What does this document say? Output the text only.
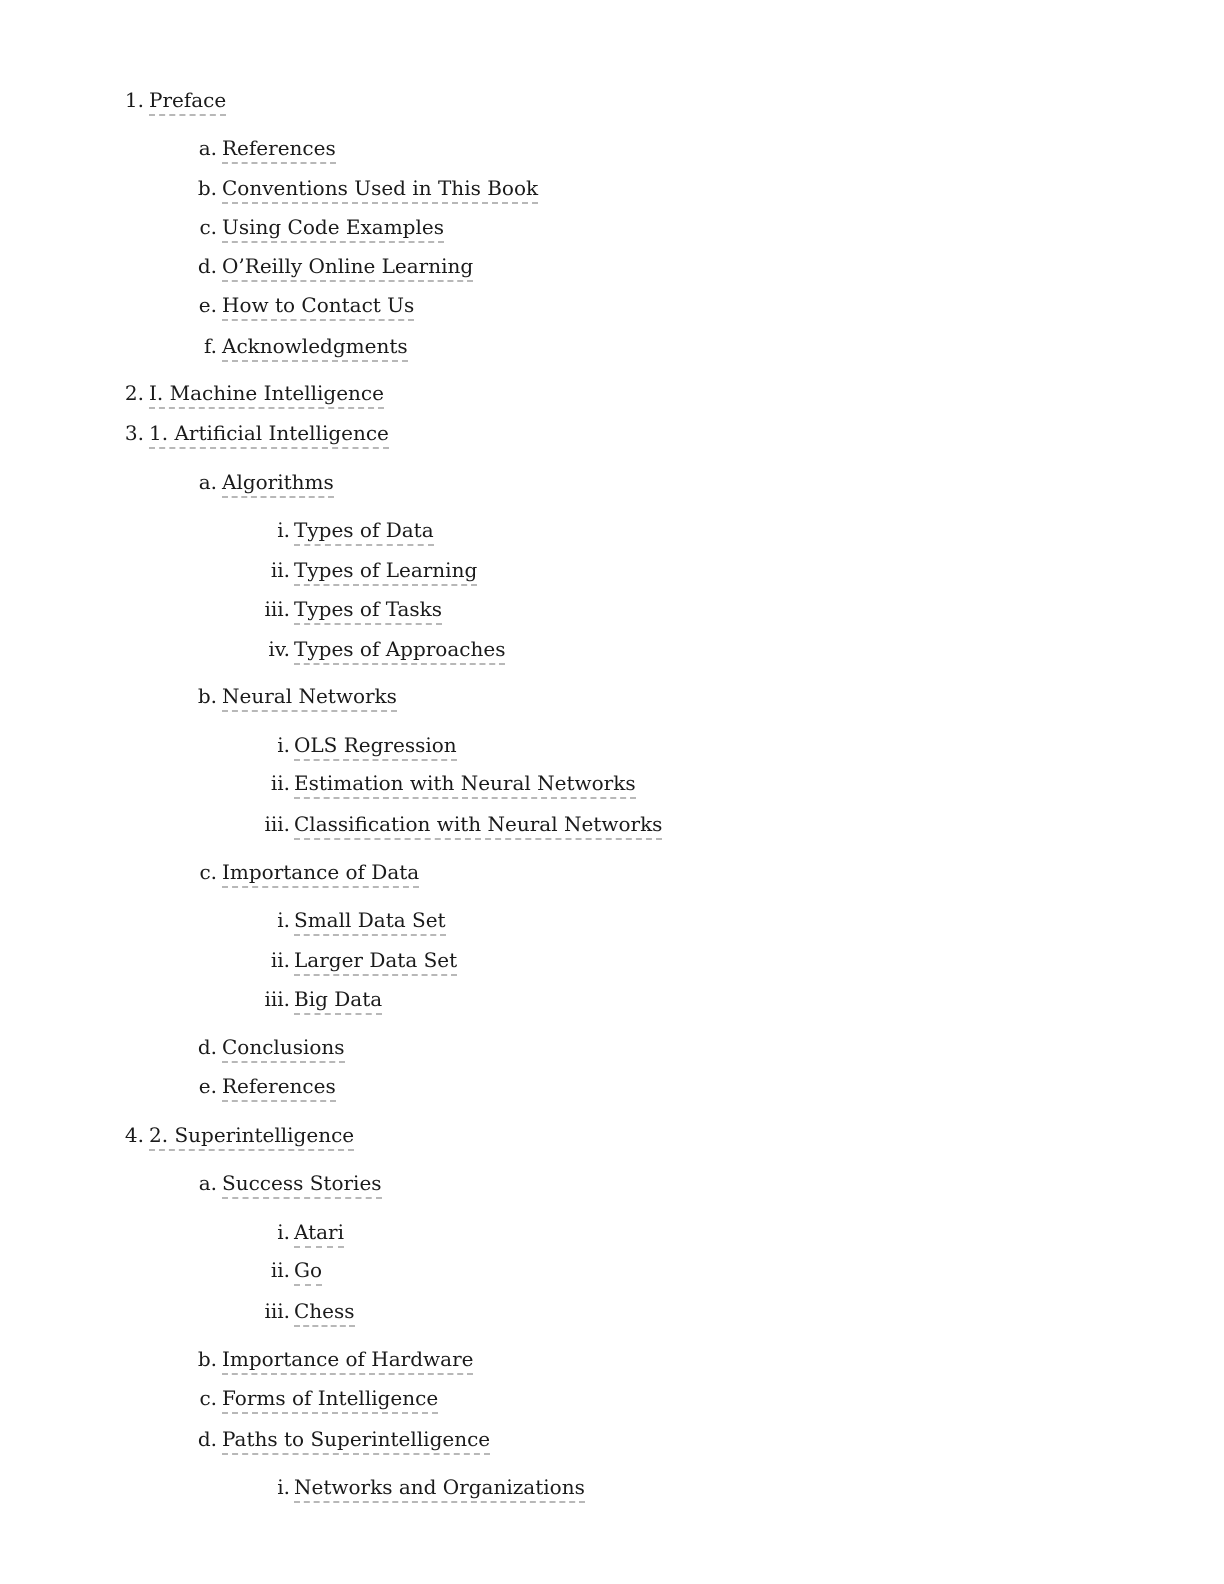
1. Preface
a. References
b. Conventions Used in This Book
c. Using Code Examples
d. O’Reilly Online Learning
e. How to Contact Us
f. Acknowledgments
2. I. Machine Intelligence
3. 1. Artificial Intelligence
a. Algorithms
i. Types of Data
ii. Types of Learning
iii. Types of Tasks
iv. Types of Approaches
b. Neural Networks
i. OLS Regression
ii. Estimation with Neural Networks
iii. Classification with Neural Networks
c. Importance of Data
i. Small Data Set
ii. Larger Data Set
iii. Big Data
d. Conclusions
e. References
4. 2. Superintelligence
a. Success Stories
i. Atari
ii. Go
iii. Chess
b. Importance of Hardware
c. Forms of Intelligence
d. Paths to Superintelligence
i. Networks and Organizations
